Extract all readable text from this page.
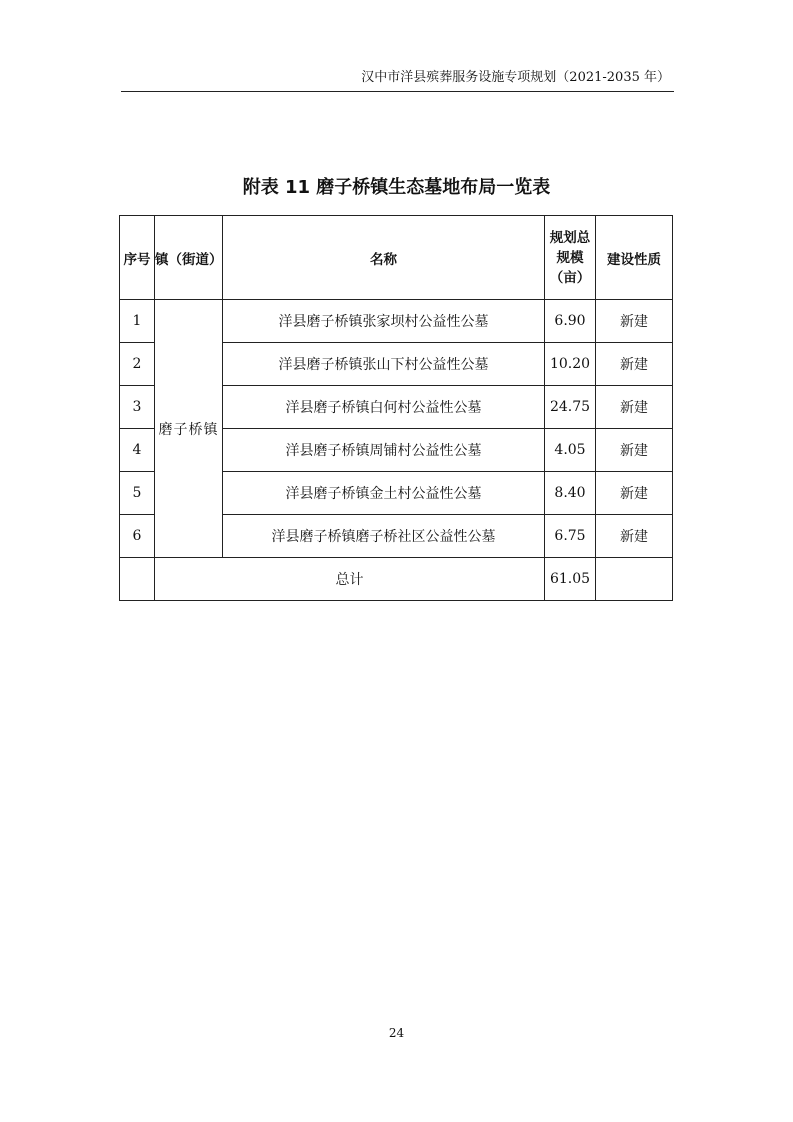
汉中市洋县殡葬服务设施专项规划（2021-2035 年）
附表 11 磨子桥镇生态墓地布局一览表
序号	镇（街道）	名称	规划总
规模
（亩）	建设性质
1	磨子桥镇	洋县磨子桥镇张家坝村公益性公墓	6.90	新建
2		洋县磨子桥镇张山下村公益性公墓	10.20	新建
3		洋县磨子桥镇白何村公益性公墓	24.75	新建
4		洋县磨子桥镇周铺村公益性公墓	4.05	新建
5		洋县磨子桥镇金土村公益性公墓	8.40	新建
6		洋县磨子桥镇磨子桥社区公益性公墓	6.75	新建
	总计		61.05	
24
